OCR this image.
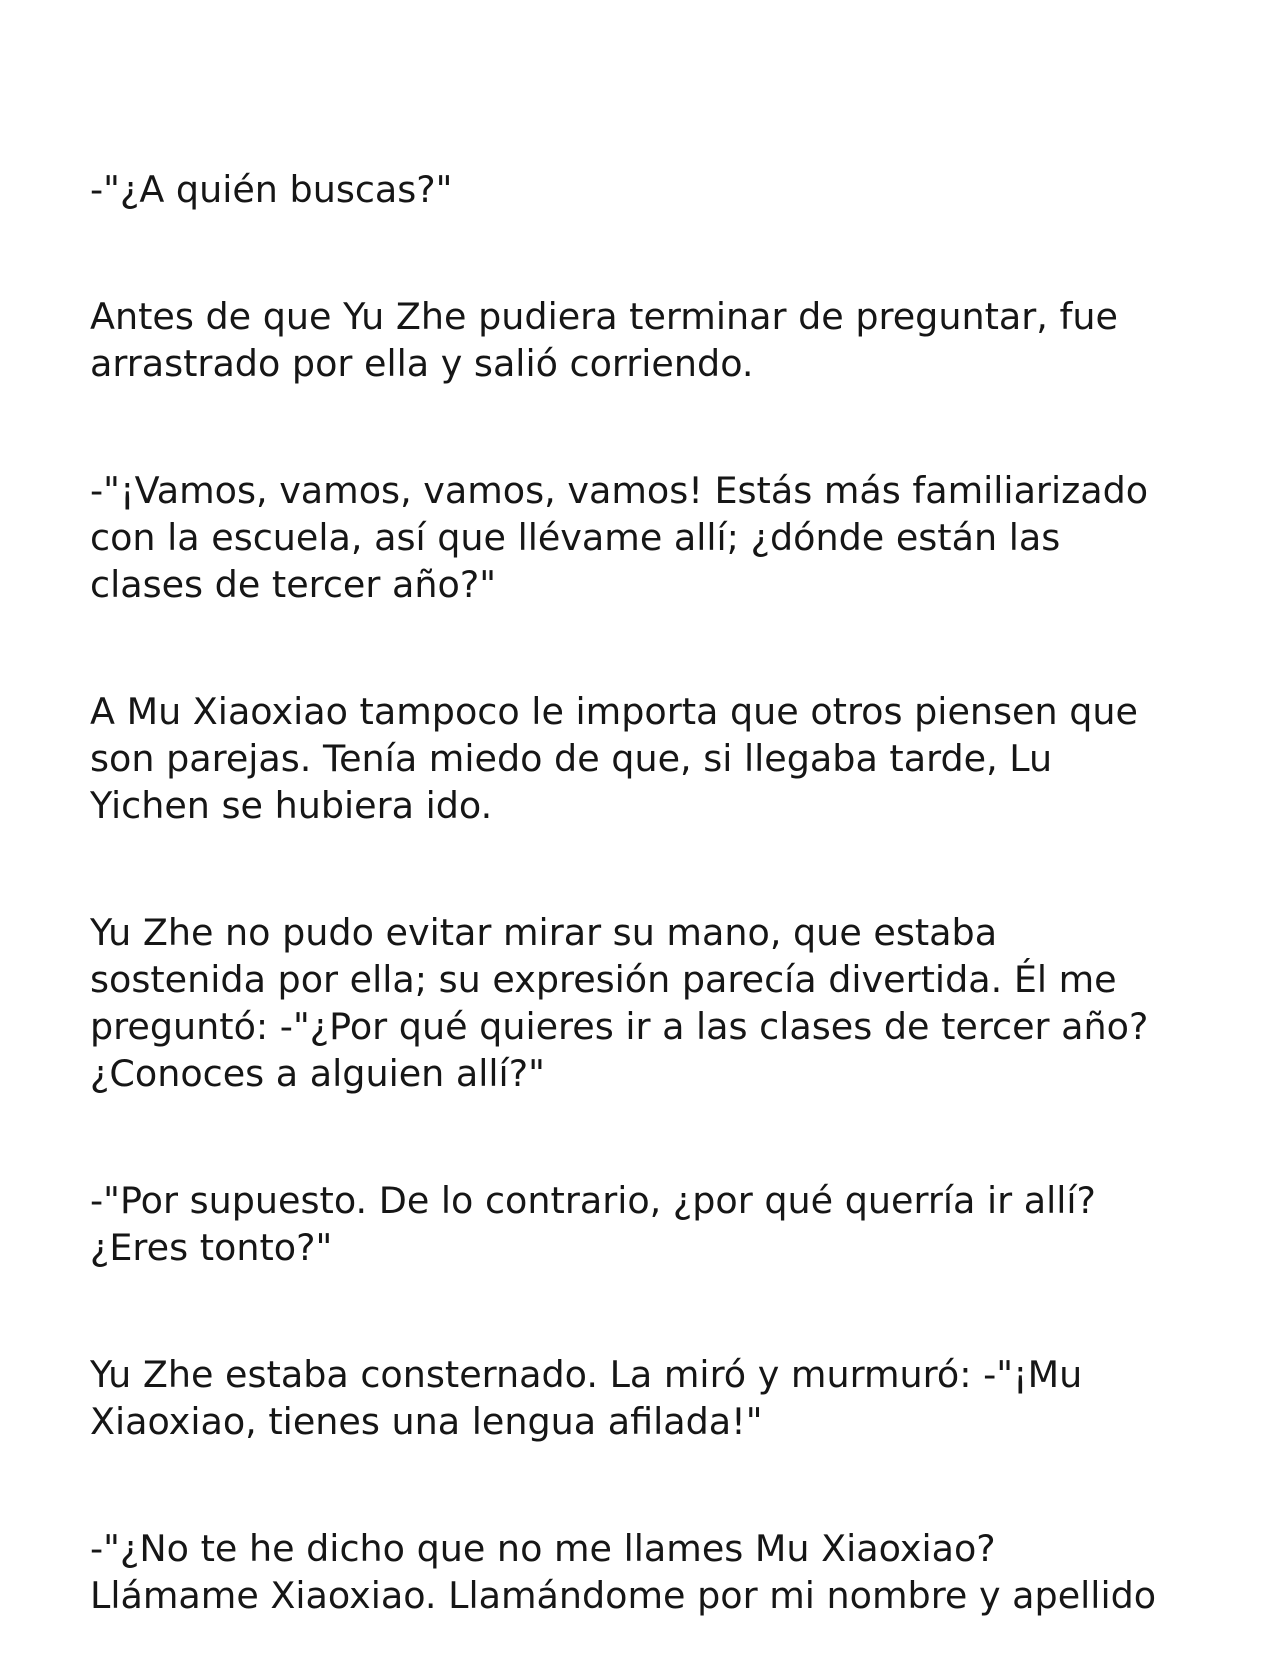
-"¿A quién buscas?"

Antes de que Yu Zhe pudiera terminar de preguntar, fue
arrastrado por ella y salió corriendo.

-"¡Vamos, vamos, vamos, vamos! Estás más familiarizado
con la escuela, así que llévame allí; ¿dónde están las
clases de tercer año?"

A Mu Xiaoxiao tampoco le importa que otros piensen que
son parejas. Tenía miedo de que, si llegaba tarde, Lu
Yichen se hubiera ido.

Yu Zhe no pudo evitar mirar su mano, que estaba
sostenida por ella; su expresión parecía divertida. Él me
preguntó: -"¿Por qué quieres ir a las clases de tercer año?
¿Conoces a alguien allí?"

-"Por supuesto. De lo contrario, ¿por qué querría ir allí?
¿Eres tonto?"

Yu Zhe estaba consternado. La miró y murmuró: -"¡Mu
Xiaoxiao, tienes una lengua afilada!"

-"¿No te he dicho que no me llames Mu Xiaoxiao?
Llámame Xiaoxiao. Llamándome por mi nombre y apellido
